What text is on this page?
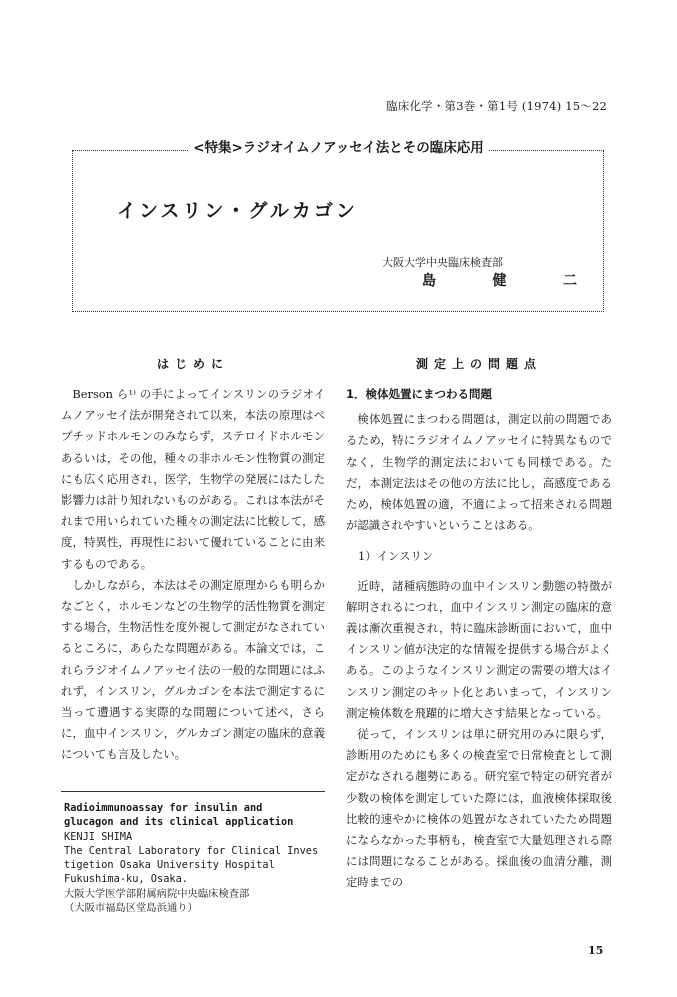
臨床化学・第3巻・第1号 (1974) 15〜22
<特集>ラジオイムノアッセイ法とその臨床応用
インスリン・グルカゴン
大阪大学中央臨床検査部
島	健	二
はじめに

Berson ら¹⁾ の手によってインスリンのラジオイムノアッセイ法が開発されて以来，本法の原理はペプチッドホルモンのみならず，ステロイドホルモンあるいは，その他，種々の非ホルモン性物質の測定にも広く応用され，医学，生物学の発展にはたした影響力は計り知れないものがある。これは本法がそれまで用いられていた種々の測定法に比較して，感度，特異性，再現性において優れていることに由来するものである。

しかしながら，本法はその測定原理からも明らかなごとく，ホルモンなどの生物学的活性物質を測定する場合，生物活性を度外視して測定がなされているところに，あらたな問題がある。本論文では，これらラジオイムノアッセイ法の一般的な問題にはふれず，インスリン，グルカゴンを本法で測定するに当って遭遇する実際的な問題について述べ，さらに，血中インスリン，グルカゴン測定の臨床的意義についても言及したい。

Radioimmunoassay for insulin and
glucagon and its clinical application
KENJI SHIMA
The Central Laboratory for Clinical Inves
tigetion Osaka University Hospital
Fukushima-ku, Osaka.
大阪大学医学部附属病院中央臨床検査部
（大阪市福島区堂島浜通り）
測定上の問題点
1．検体処置にまつわる問題

検体処置にまつわる問題は，測定以前の問題であるため，特にラジオイムノアッセイに特異なものでなく，生物学的測定法においても同様である。ただ，本測定法はその他の方法に比し，高感度であるため，検体処置の適，不適によって招来される問題が認識されやすいということはある。

1）インスリン

近時，諸種病態時の血中インスリン動態の特徴が解明されるにつれ，血中インスリン測定の臨床的意義は漸次重視され，特に臨床診断面において，血中インスリン値が決定的な情報を提供する場合がよくある。このようなインスリン測定の需要の増大はインスリン測定のキット化とあいまって，インスリン測定検体数を飛躍的に増大さす結果となっている。

従って，インスリンは単に研究用のみに限らず，診断用のためにも多くの検査室で日常検査として測定がなされる趨勢にある。研究室で特定の研究者が少数の検体を測定していた際には，血液検体採取後比較的速やかに検体の処置がなされていたため問題にならなかった事柄も，検査室で大量処理される際には問題になることがある。採血後の血清分離，測定時までの

15
